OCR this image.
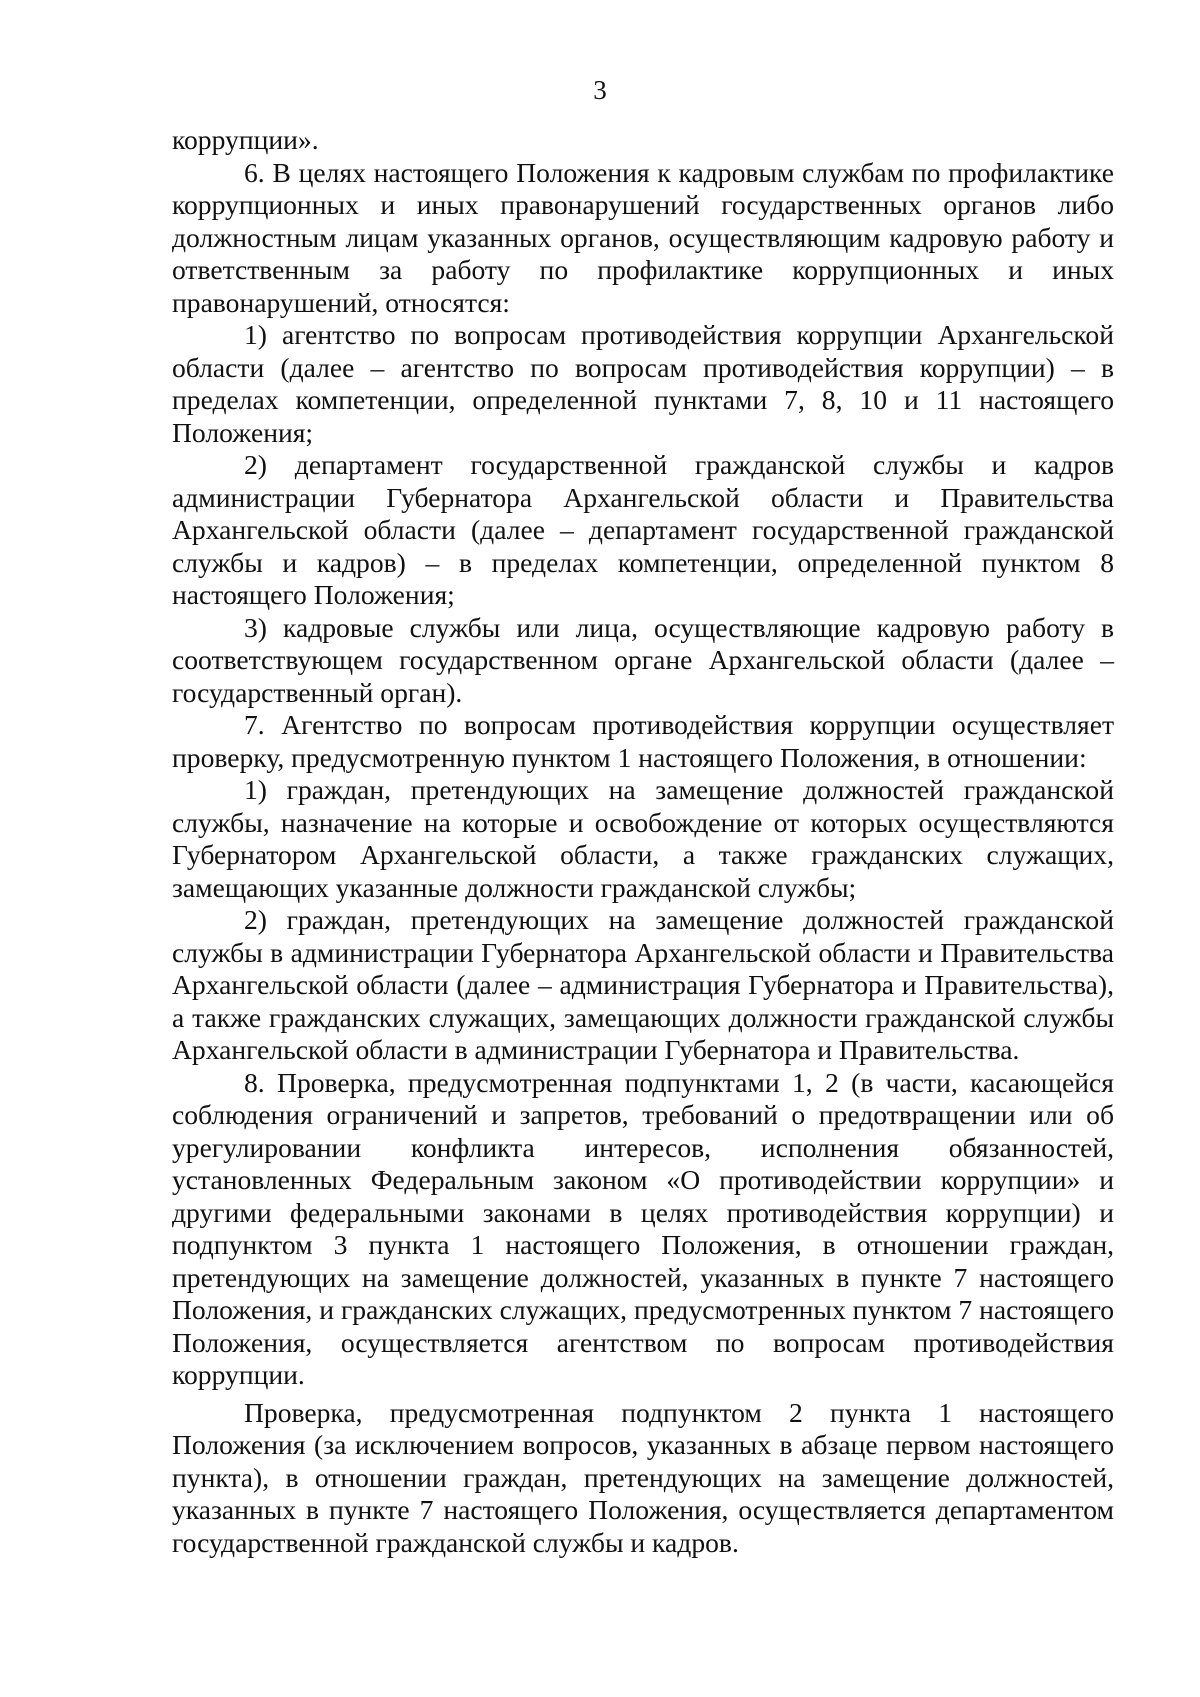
3

коррупции».

6. В целях настоящего Положения к кадровым службам по профилактике коррупционных и иных правонарушений государственных органов либо должностным лицам указанных органов, осуществляющим кадровую работу и ответственным за работу по профилактике коррупционных и иных правонарушений, относятся:

1) агентство по вопросам противодействия коррупции Архангельской области (далее – агентство по вопросам противодействия коррупции) – в пределах компетенции, определенной пунктами 7, 8, 10 и 11 настоящего Положения;

2) департамент государственной гражданской службы и кадров администрации Губернатора Архангельской области и Правительства Архангельской области (далее – департамент государственной гражданской службы и кадров) – в пределах компетенции, определенной пунктом 8 настоящего Положения;

3) кадровые службы или лица, осуществляющие кадровую работу в соответствующем государственном органе Архангельской области (далее – государственный орган).

7. Агентство по вопросам противодействия коррупции осуществляет проверку, предусмотренную пунктом 1 настоящего Положения, в отношении:

1) граждан, претендующих на замещение должностей гражданской службы, назначение на которые и освобождение от которых осуществляются Губернатором Архангельской области, а также гражданских служащих, замещающих указанные должности гражданской службы;

2) граждан, претендующих на замещение должностей гражданской службы в администрации Губернатора Архангельской области и Правительства Архангельской области (далее – администрация Губернатора и Правительства), а также гражданских служащих, замещающих должности гражданской службы Архангельской области в администрации Губернатора и Правительства.

8. Проверка, предусмотренная подпунктами 1, 2 (в части, касающейся соблюдения ограничений и запретов, требований о предотвращении или об урегулировании конфликта интересов, исполнения обязанностей, установленных Федеральным законом «О противодействии коррупции» и другими федеральными законами в целях противодействия коррупции) и подпунктом 3 пункта 1 настоящего Положения, в отношении граждан, претендующих на замещение должностей, указанных в пункте 7 настоящего Положения, и гражданских служащих, предусмотренных пунктом 7 настоящего Положения, осуществляется агентством по вопросам противодействия коррупции.

Проверка, предусмотренная подпунктом 2 пункта 1 настоящего Положения (за исключением вопросов, указанных в абзаце первом настоящего пункта), в отношении граждан, претендующих на замещение должностей, указанных в пункте 7 настоящего Положения, осуществляется департаментом государственной гражданской службы и кадров.
